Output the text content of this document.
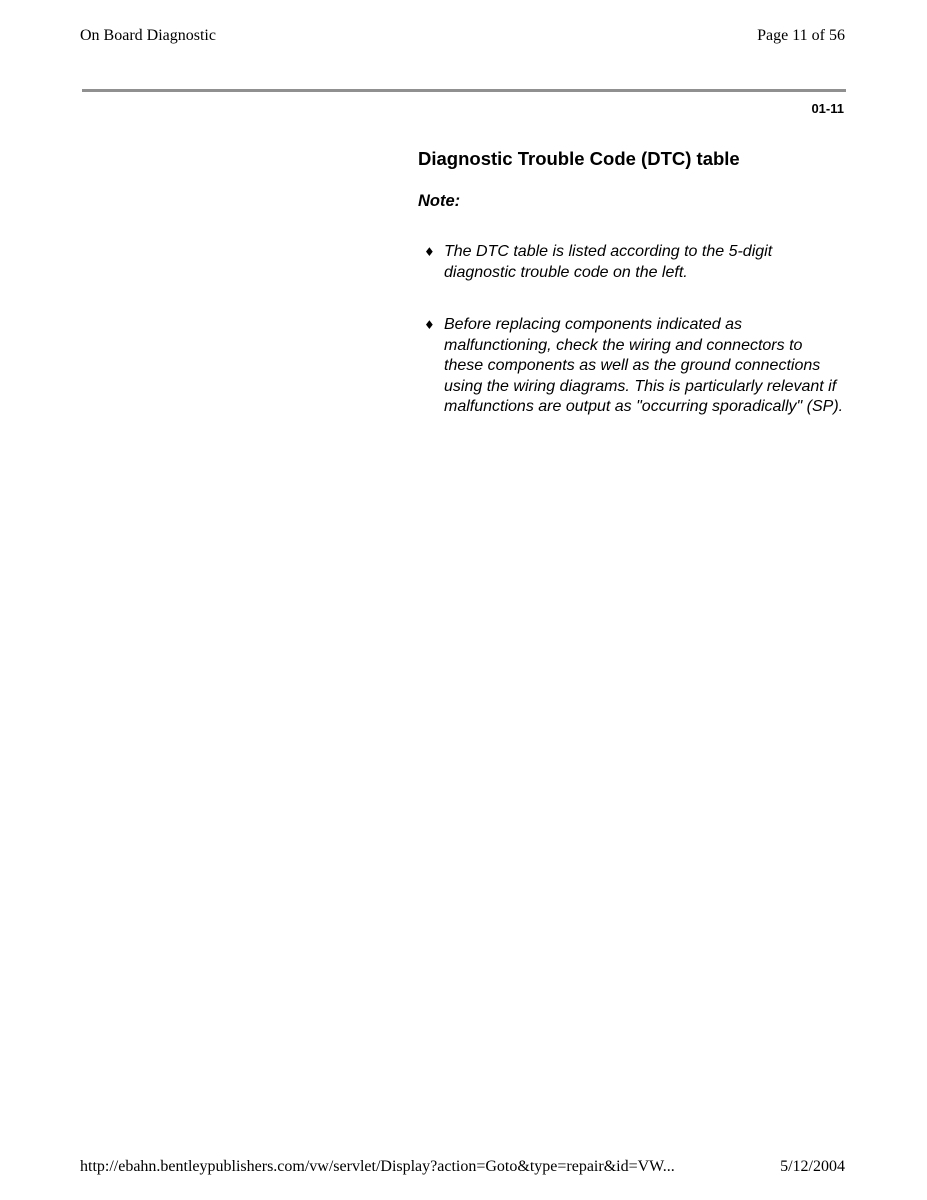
On Board Diagnostic	Page 11 of 56
01-11
Diagnostic Trouble Code (DTC) table
Note:
♦ The DTC table is listed according to the 5-digit diagnostic trouble code on the left.
♦ Before replacing components indicated as malfunctioning, check the wiring and connectors to these components as well as the ground connections using the wiring diagrams. This is particularly relevant if malfunctions are output as "occurring sporadically" (SP).
http://ebahn.bentleypublishers.com/vw/servlet/Display?action=Goto&type=repair&id=VW...	5/12/2004
